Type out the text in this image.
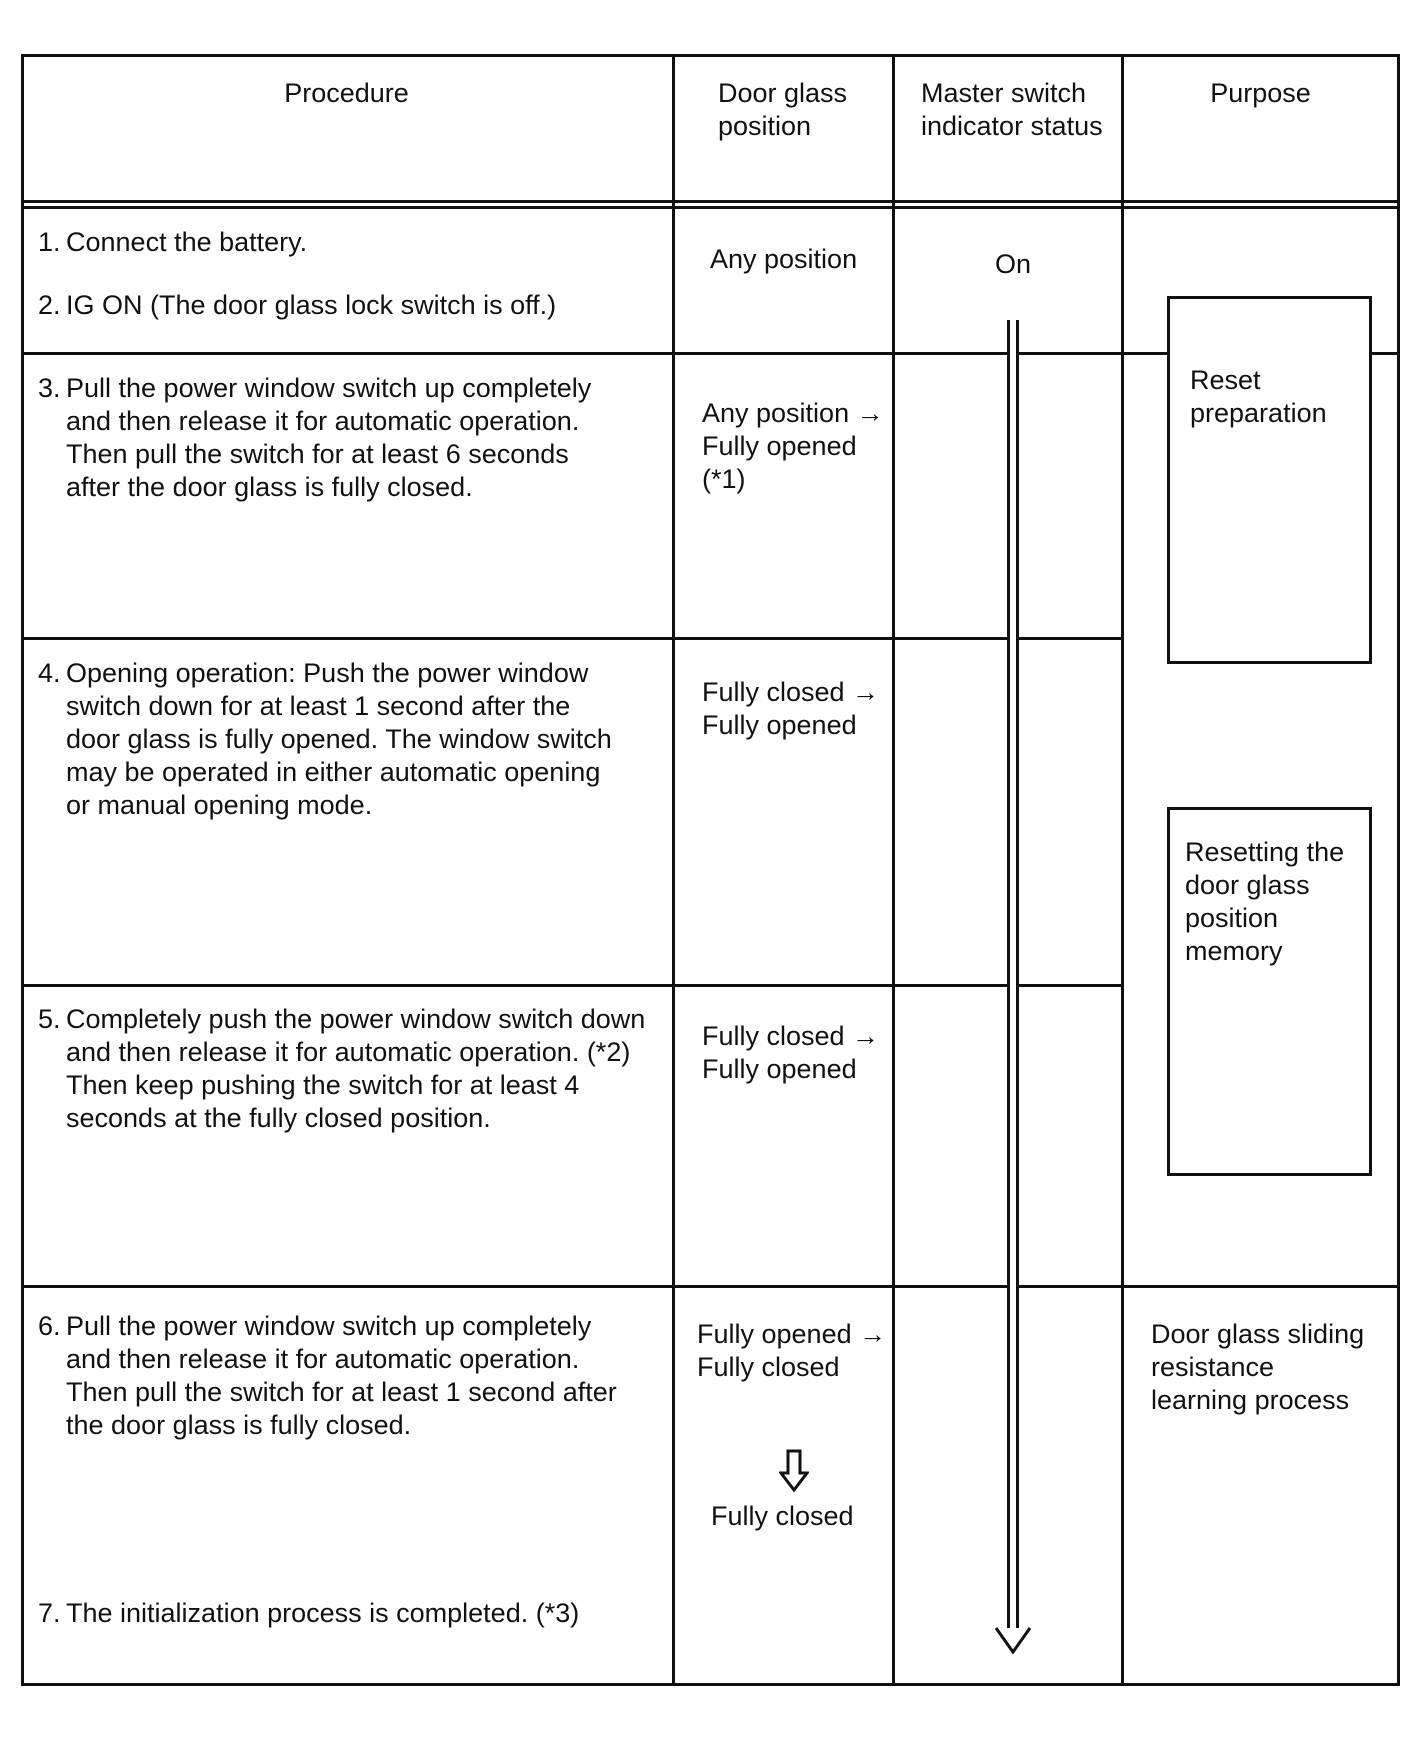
Procedure	Door glass
position
Master switch
indicator status
Purpose
1. Connect the battery.
2. IG ON (The door glass lock switch is off.)
3. Pull the power window switch up completely
and then release it for automatic operation.
Then pull the switch for at least 6 seconds
after the door glass is fully closed.
4. Opening operation: Push the power window
switch down for at least 1 second after the
door glass is fully opened. The window switch
may be operated in either automatic opening
or manual opening mode.
5. Completely push the power window switch down
and then release it for automatic operation. (*2)
Then keep pushing the switch for at least 4
seconds at the fully closed position.
6. Pull the power window switch up completely
and then release it for automatic operation.
Then pull the switch for at least 1 second after
the door glass is fully closed.
7. The initialization process is completed. (*3)
Any position
Any position →
Fully opened
(*1)
Fully closed →
Fully opened
Fully closed →
Fully opened
Fully opened →
Fully closed
Fully closed
On
Reset
preparation
Resetting the
door glass
position
memory
Door glass sliding
resistance
learning process
